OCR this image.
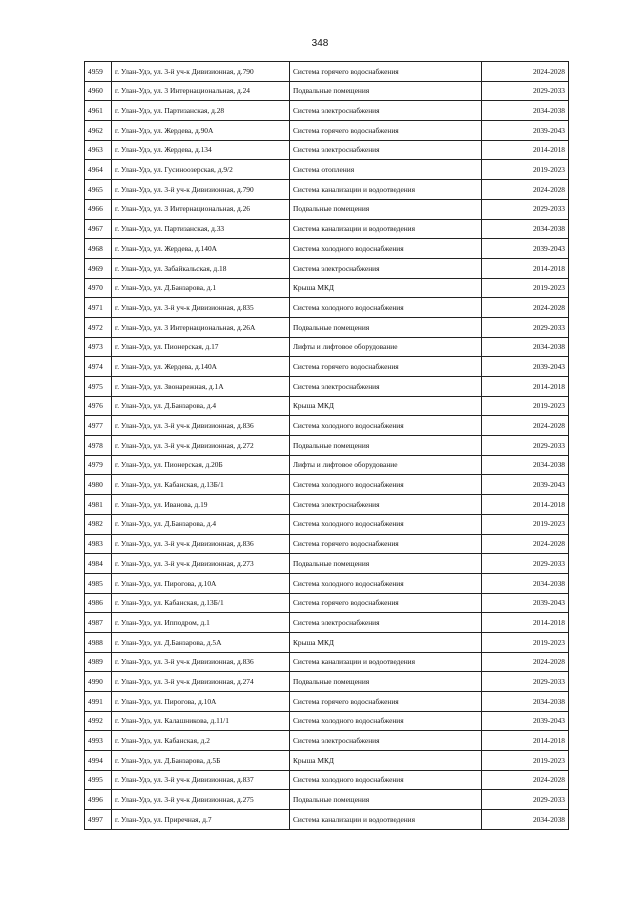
348
4959	г. Улан-Удэ, ул. 3-й уч-к Дивизионная, д.790	Система горячего водоснабжения	2024-2028
4960	г. Улан-Удэ, ул. 3 Интернациональная, д.24	Подвальные помещения	2029-2033
4961	г. Улан-Удэ, ул. Партизанская, д.28	Система электроснабжения	2034-2038
4962	г. Улан-Удэ, ул. Жердева, д.90А	Система горячего водоснабжения	2039-2043
4963	г. Улан-Удэ, ул. Жердева, д.134	Система электроснабжения	2014-2018
4964	г. Улан-Удэ, ул. Гусиноозерская, д.9/2	Система отопления	2019-2023
4965	г. Улан-Удэ, ул. 3-й уч-к Дивизионная, д.790	Система канализации и водоотведения	2024-2028
4966	г. Улан-Удэ, ул. 3 Интернациональная, д.26	Подвальные помещения	2029-2033
4967	г. Улан-Удэ, ул. Партизанская, д.33	Система канализации и водоотведения	2034-2038
4968	г. Улан-Удэ, ул. Жердева, д.140А	Система холодного водоснабжения	2039-2043
4969	г. Улан-Удэ, ул. Забайкальская, д.18	Система электроснабжения	2014-2018
4970	г. Улан-Удэ, ул. Д.Банзарова, д.1	Крыша МКД	2019-2023
4971	г. Улан-Удэ, ул. 3-й уч-к Дивизионная, д.835	Система холодного водоснабжения	2024-2028
4972	г. Улан-Удэ, ул. 3 Интернациональная, д.26А	Подвальные помещения	2029-2033
4973	г. Улан-Удэ, ул. Пионерская, д.17	Лифты и лифтовое оборудование	2034-2038
4974	г. Улан-Удэ, ул. Жердева, д.140А	Система горячего водоснабжения	2039-2043
4975	г. Улан-Удэ, ул. Звонарежная, д.1А	Система электроснабжения	2014-2018
4976	г. Улан-Удэ, ул. Д.Банзарова, д.4	Крыша МКД	2019-2023
4977	г. Улан-Удэ, ул. 3-й уч-к Дивизионная, д.836	Система холодного водоснабжения	2024-2028
4978	г. Улан-Удэ, ул. 3-й уч-к Дивизионная, д.272	Подвальные помещения	2029-2033
4979	г. Улан-Удэ, ул. Пионерская, д.20Б	Лифты и лифтовое оборудование	2034-2038
4980	г. Улан-Удэ, ул. Кабанская, д.13Б/1	Система холодного водоснабжения	2039-2043
4981	г. Улан-Удэ, ул. Иванова, д.19	Система электроснабжения	2014-2018
4982	г. Улан-Удэ, ул. Д.Банзарова, д.4	Система холодного водоснабжения	2019-2023
4983	г. Улан-Удэ, ул. 3-й уч-к Дивизионная, д.836	Система горячего водоснабжения	2024-2028
4984	г. Улан-Удэ, ул. 3-й уч-к Дивизионная, д.273	Подвальные помещения	2029-2033
4985	г. Улан-Удэ, ул. Пирогова, д.10А	Система холодного водоснабжения	2034-2038
4986	г. Улан-Удэ, ул. Кабанская, д.13Б/1	Система горячего водоснабжения	2039-2043
4987	г. Улан-Удэ, ул. Ипподром, д.1	Система электроснабжения	2014-2018
4988	г. Улан-Удэ, ул. Д.Банзарова, д.5А	Крыша МКД	2019-2023
4989	г. Улан-Удэ, ул. 3-й уч-к Дивизионная, д.836	Система канализации и водоотведения	2024-2028
4990	г. Улан-Удэ, ул. 3-й уч-к Дивизионная, д.274	Подвальные помещения	2029-2033
4991	г. Улан-Удэ, ул. Пирогова, д.10А	Система горячего водоснабжения	2034-2038
4992	г. Улан-Удэ, ул. Калашникова, д.11/1	Система холодного водоснабжения	2039-2043
4993	г. Улан-Удэ, ул. Кабанская, д.2	Система электроснабжения	2014-2018
4994	г. Улан-Удэ, ул. Д.Банзарова, д.5Б	Крыша МКД	2019-2023
4995	г. Улан-Удэ, ул. 3-й уч-к Дивизионная, д.837	Система холодного водоснабжения	2024-2028
4996	г. Улан-Удэ, ул. 3-й уч-к Дивизионная, д.275	Подвальные помещения	2029-2033
4997	г. Улан-Удэ, ул. Приречная, д.7	Система канализации и водоотведения	2034-2038
